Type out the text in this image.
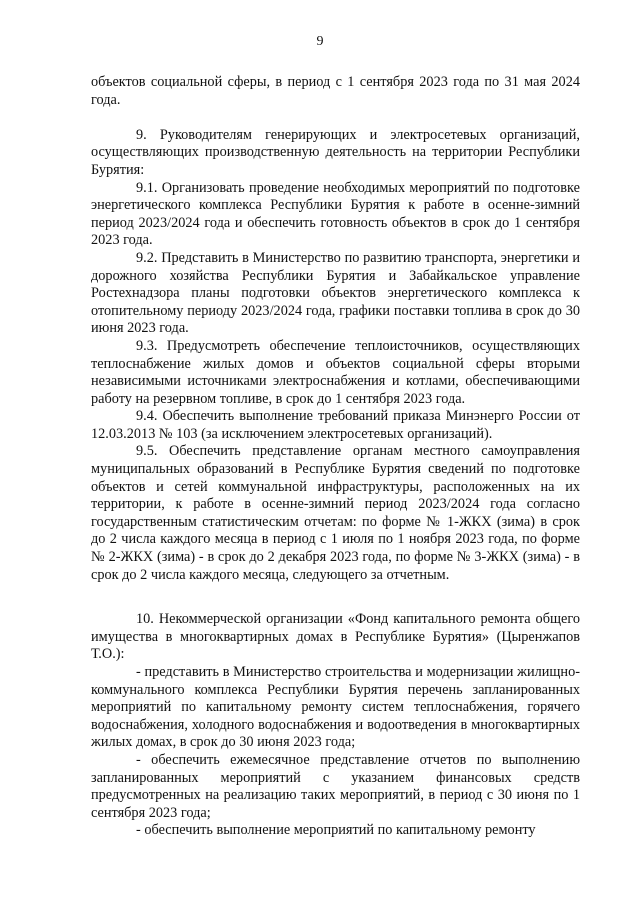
9

объектов социальной сферы, в период с 1 сентября 2023 года по 31 мая 2024 года.

9. Руководителям генерирующих и электросетевых организаций, осуществляющих производственную деятельность на территории Республики Бурятия:

9.1. Организовать проведение необходимых мероприятий по подготовке энергетического комплекса Республики Бурятия к работе в осенне-зимний период 2023/2024 года и обеспечить готовность объектов в срок до 1 сентября 2023 года.

9.2. Представить в Министерство по развитию транспорта, энергетики и дорожного хозяйства Республики Бурятия и Забайкальское управление Ростехнадзора планы подготовки объектов энергетического комплекса к отопительному периоду 2023/2024 года, графики поставки топлива в срок до 30 июня 2023 года.

9.3. Предусмотреть обеспечение теплоисточников, осуществляющих теплоснабжение жилых домов и объектов социальной сферы вторыми независимыми источниками электроснабжения и котлами, обеспечивающими работу на резервном топливе, в срок до 1 сентября 2023 года.

9.4. Обеспечить выполнение требований приказа Минэнерго России от 12.03.2013 № 103 (за исключением электросетевых организаций).

9.5. Обеспечить представление органам местного самоуправления муниципальных образований в Республике Бурятия сведений по подготовке объектов и сетей коммунальной инфраструктуры, расположенных на их территории, к работе в осенне-зимний период 2023/2024 года согласно государственным статистическим отчетам: по форме № 1-ЖКХ (зима) в срок до 2 числа каждого месяца в период с 1 июля по 1 ноября 2023 года, по форме № 2-ЖКХ (зима) - в срок до 2 декабря 2023 года, по форме № 3-ЖКХ (зима) - в срок до 2 числа каждого месяца, следующего за отчетным.

10. Некоммерческой организации «Фонд капитального ремонта общего имущества в многоквартирных домах в Республике Бурятия» (Цыренжапов Т.О.):

- представить в Министерство строительства и модернизации жилищно-коммунального комплекса Республики Бурятия перечень запланированных мероприятий по капитальному ремонту систем теплоснабжения, горячего водоснабжения, холодного водоснабжения и водоотведения в многоквартирных жилых домах, в срок до 30 июня 2023 года;

- обеспечить ежемесячное представление отчетов по выполнению запланированных мероприятий с указанием финансовых средств предусмотренных на реализацию таких мероприятий, в период с 30 июня по 1 сентября 2023 года;

- обеспечить выполнение мероприятий по капитальному ремонту
